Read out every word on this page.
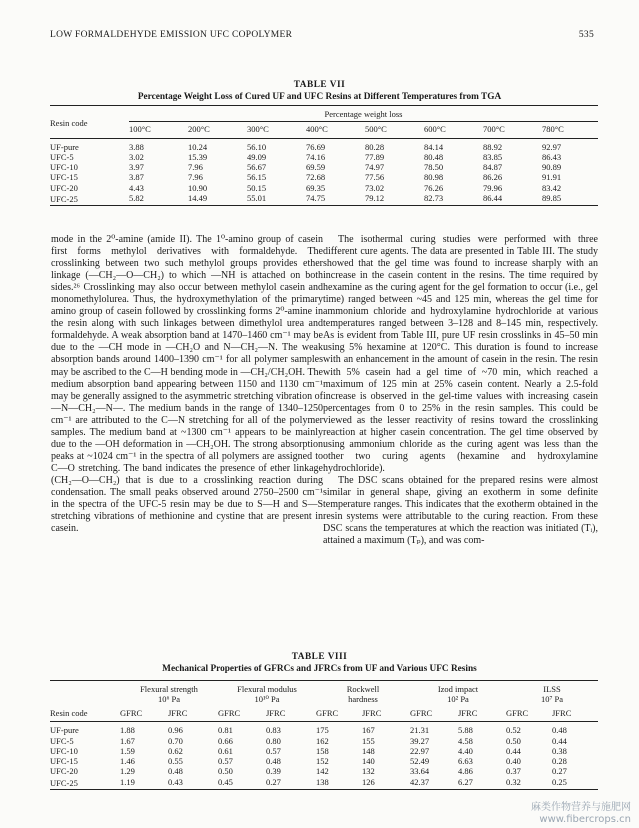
LOW FORMALDEHYDE EMISSION UFC COPOLYMER	535
TABLE VII
Percentage Weight Loss of Cured UF and UFC Resins at Different Temperatures from TGA
Resin code	Percentage weight loss							
	100°C	200°C	300°C	400°C	500°C	600°C	700°C	780°C
UF-pure	3.88	10.24	56.10	76.69	80.28	84.14	88.92	92.97
UFC-5	3.02	15.39	49.09	74.16	77.89	80.48	83.85	86.43
UFC-10	3.97	7.96	56.67	69.59	74.97	78.50	84.87	90.89
UFC-15	3.87	7.96	56.15	72.68	77.56	80.98	86.26	91.91
UFC-20	4.43	10.90	50.15	69.35	73.02	76.26	79.96	83.42
UFC-25	5.82	14.49	55.01	74.75	79.12	82.73	86.44	89.85

mode in the 2⁰-amine (amide II). The 1⁰-amino group of casein first forms methylol derivatives with formaldehyde. The crosslinking between two such methylol groups provides ether linkage (—CH₂—O—CH₂) to which —NH is attached on both sides.²⁶ Crosslinking may also occur between methylol casein and monomethylolurea. Thus, the hydroxymethylation of the primary amino group of casein followed by crosslinking forms 2⁰-amine in the resin along with such linkages between dimethylol urea and formaldehyde. A weak absorption band at 1470–1460 cm⁻¹ may be due to the —CH mode in —CH₂O and N—CH₂—N. The weak absorption bands around 1400–1390 cm⁻¹ for all polymer samples may be ascribed to the C—H bending mode in —CH₂/CH₂OH. The medium absorption band appearing between 1150 and 1130 cm⁻¹ may be generally assigned to the asymmetric stretching vibration of —N—CH₂—N—. The medium bands in the range of 1340–1250 cm⁻¹ are attributed to the C—N stretching for all of the polymer samples. The medium band at ~1300 cm⁻¹ appears to be mainly due to the —OH deformation in —CH₂OH. The strong absorption peaks at ~1024 cm⁻¹ in the spectra of all polymers are assigned to C—O stretching. The band indicates the presence of ether linkage (CH₂—O—CH₂) that is due to a crosslinking reaction during condensation. The small peaks observed around 2750–2500 cm⁻¹ in the spectra of the UFC-5 resin may be due to S—H and S—S stretching vibrations of methionine and cystine that are present in casein.

The isothermal curing studies were performed with three different cure agents. The data are presented in Table III. The study showed that the gel time was found to increase sharply with an increase in the casein content in the resins. The time required by hexamine as the curing agent for the gel formation to occur (i.e., gel time) ranged between ~45 and 125 min, whereas the gel time for ammonium chloride and hydroxylamine hydrochloride at various temperatures ranged between 3–128 and 8–145 min, respectively. As is evident from Table III, pure UF resin crosslinks in 45–50 min using 5% hexamine at 120°C. This duration is found to increase with an enhancement in the amount of casein in the resin. The resin with 5% casein had a gel time of ~70 min, which reached a maximum of 125 min at 25% casein content. Nearly a 2.5-fold increase is observed in the gel-time values with increasing casein percentages from 0 to 25% in the resin samples. This could be viewed as the lesser reactivity of resins toward the crosslinking reaction at higher casein concentration. The gel time observed by using ammonium chloride as the curing agent was less than the other two curing agents (hexamine and hydroxylamine hydrochloride).

The DSC scans obtained for the prepared resins were almost similar in general shape, giving an exotherm in some definite temperature ranges. This indicates that the exotherm obtained in the resin systems were attributable to the curing reaction. From these DSC scans the temperatures at which the reaction was initiated (Tᵢ), attained a maximum (Tₚ), and was com-

TABLE VIII
Mechanical Properties of GFRCs and JFRCs from UF and Various UFC Resins
	Flexural strength		Flexural modulus		Rockwell		Izod impact		ILSS	
	10⁶ Pa		10¹⁰ Pa		hardness		10² Pa		10⁷ Pa	
Resin code	GFRC	JFRC	GFRC	JFRC	GFRC	JFRC	GFRC	JFRC	GFRC	JFRC
UF-pure	1.88	0.96	0.81	0.83	175	167	21.31	5.88	0.52	0.48
UFC-5	1.67	0.70	0.66	0.80	162	155	39.27	4.58	0.50	0.44
UFC-10	1.59	0.62	0.61	0.57	158	148	22.97	4.40	0.44	0.38
UFC-15	1.46	0.55	0.57	0.48	152	140	52.49	6.63	0.40	0.28
UFC-20	1.29	0.48	0.50	0.39	142	132	33.64	4.86	0.37	0.27
UFC-25	1.19	0.43	0.45	0.27	138	126	42.37	6.27	0.32	0.25
麻类作物营养与施肥网
www.fibercrops.cn
